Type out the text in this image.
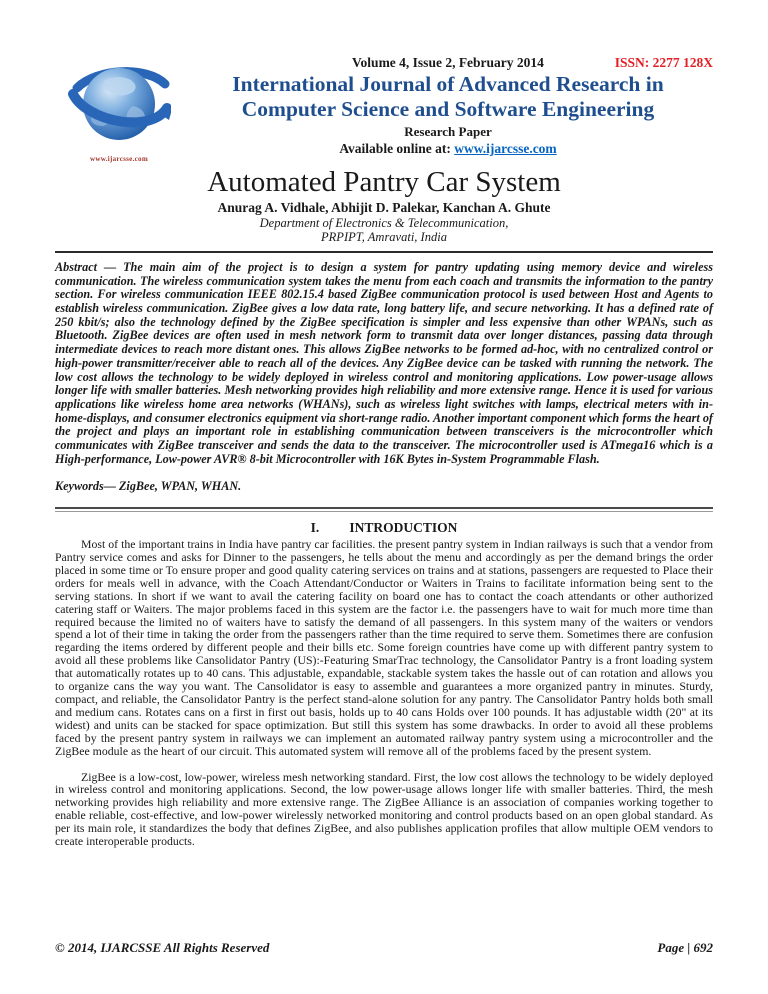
www.ijarcsse.com
Volume 4, Issue 2, February 2014	ISSN: 2277 128X
International Journal of Advanced Research in Computer Science and Software Engineering
Research Paper
Available online at: www.ijarcsse.com
Automated Pantry Car System
Anurag A. Vidhale, Abhijit D. Palekar, Kanchan A. Ghute
Department of Electronics & Telecommunication,
PRPIPT, Amravati, India

Abstract — The main aim of the project is to design a system for pantry updating using memory device and wireless communication. The wireless communication system takes the menu from each coach and transmits the information to the pantry section. For wireless communication IEEE 802.15.4 based ZigBee communication protocol is used between Host and Agents to establish wireless communication. ZigBee gives a low data rate, long battery life, and secure networking. It has a defined rate of 250 kbit/s; also the technology defined by the ZigBee specification is simpler and less expensive than other WPANs, such as Bluetooth. ZigBee devices are often used in mesh network form to transmit data over longer distances, passing data through intermediate devices to reach more distant ones. This allows ZigBee networks to be formed ad-hoc, with no centralized control or high-power transmitter/receiver able to reach all of the devices. Any ZigBee device can be tasked with running the network. The low cost allows the technology to be widely deployed in wireless control and monitoring applications. Low power-usage allows longer life with smaller batteries. Mesh networking provides high reliability and more extensive range. Hence it is used for various applications like wireless home area networks (WHANs), such as wireless light switches with lamps, electrical meters with in-home-displays, and consumer electronics equipment via short-range radio. Another important component which forms the heart of the project and plays an important role in establishing communication between transceivers is the microcontroller which communicates with ZigBee transceiver and sends the data to the transceiver. The microcontroller used is ATmega16 which is a High-performance, Low-power AVR® 8-bit Microcontroller with 16K Bytes in-System Programmable Flash.

Keywords— ZigBee, WPAN, WHAN.

I. INTRODUCTION

Most of the important trains in India have pantry car facilities. the present pantry system in Indian railways is such that a vendor from Pantry service comes and asks for Dinner to the passengers, he tells about the menu and accordingly as per the demand brings the order placed in some time or To ensure proper and good quality catering services on trains and at stations, passengers are requested to Place their orders for meals well in advance, with the Coach Attendant/Conductor or Waiters in Trains to facilitate information being sent to the serving stations. In short if we want to avail the catering facility on board one has to contact the coach attendants or other authorized catering staff or Waiters. The major problems faced in this system are the factor i.e. the passengers have to wait for much more time than required because the limited no of waiters have to satisfy the demand of all passengers. In this system many of the waiters or vendors spend a lot of their time in taking the order from the passengers rather than the time required to serve them. Sometimes there are confusion regarding the items ordered by different people and their bills etc. Some foreign countries have come up with different pantry system to avoid all these problems like Cansolidator Pantry (US):-Featuring SmarTrac technology, the Cansolidator Pantry is a front loading system that automatically rotates up to 40 cans. This adjustable, expandable, stackable system takes the hassle out of can rotation and allows you to organize cans the way you want. The Cansolidator is easy to assemble and guarantees a more organized pantry in minutes. Sturdy, compact, and reliable, the Cansolidator Pantry is the perfect stand-alone solution for any pantry. The Cansolidator Pantry holds both small and medium cans. Rotates cans on a first in first out basis, holds up to 40 cans Holds over 100 pounds. It has adjustable width (20" at its widest) and units can be stacked for space optimization. But still this system has some drawbacks. In order to avoid all these problems faced by the present pantry system in railways we can implement an automated railway pantry system using a microcontroller and the ZigBee module as the heart of our circuit. This automated system will remove all of the problems faced by the present system.

ZigBee is a low-cost, low-power, wireless mesh networking standard. First, the low cost allows the technology to be widely deployed in wireless control and monitoring applications. Second, the low power-usage allows longer life with smaller batteries. Third, the mesh networking provides high reliability and more extensive range. The ZigBee Alliance is an association of companies working together to enable reliable, cost-effective, and low-power wirelessly networked monitoring and control products based on an open global standard. As per its main role, it standardizes the body that defines ZigBee, and also publishes application profiles that allow multiple OEM vendors to create interoperable products.

© 2014, IJARCSSE All Rights Reserved	Page | 692
